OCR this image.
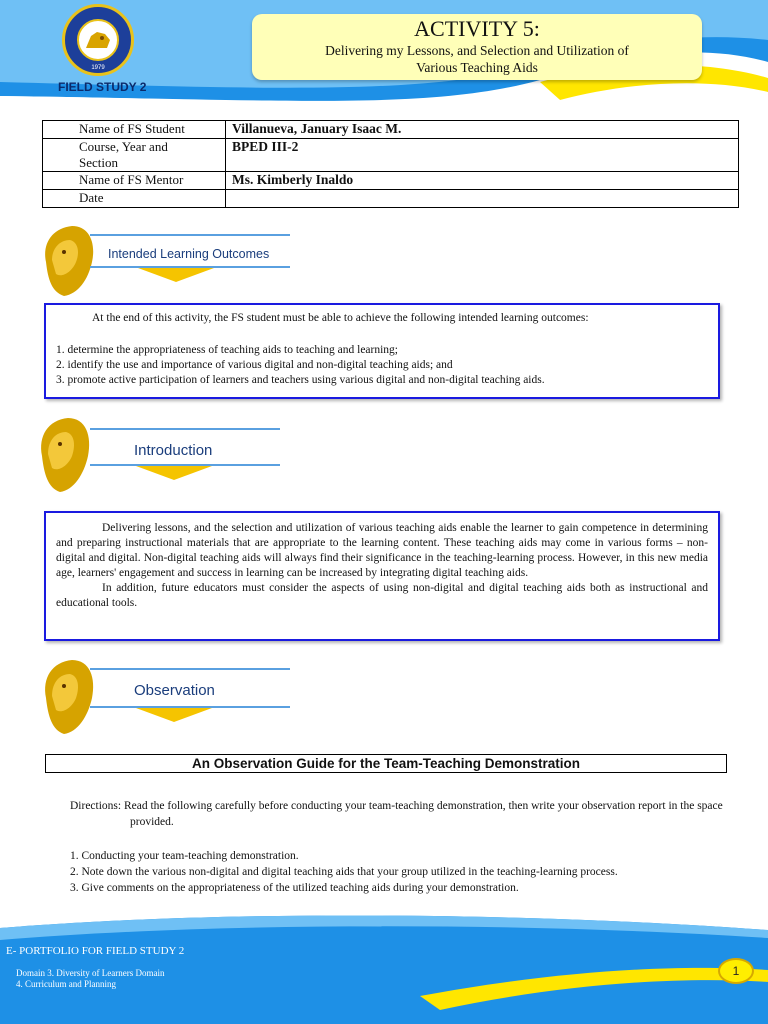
1979
FIELD STUDY 2
ACTIVITY 5:
Delivering my Lessons, and Selection and Utilization of
Various Teaching Aids
Name of FS Student	Villanueva, January Isaac M.

Course, Year and
Section	BPED III-2
Name of FS Mentor	Ms. Kimberly Inaldo
Date	
Intended Learning Outcomes
At the end of this activity, the FS student must be able to achieve the following intended learning outcomes:
1. determine the appropriateness of teaching aids to teaching and learning;
2. identify the use and importance of various digital and non-digital teaching aids; and
3. promote active participation of learners and teachers using various digital and non-digital teaching aids.
Introduction
Delivering lessons, and the selection and utilization of various teaching aids enable the learner to gain competence in determining and preparing instructional materials that are appropriate to the learning content. These teaching aids may come in various forms – non-digital and digital. Non-digital teaching aids will always find their significance in the teaching-learning process. However, in this new media age, learners' engagement and success in learning can be increased by integrating digital teaching aids.
In addition, future educators must consider the aspects of using non-digital and digital teaching aids both as instructional and educational tools.
Observation
An Observation Guide for the Team-Teaching Demonstration
Directions: Read the following carefully before conducting your team-teaching demonstration, then write your observation report in the space
provided.
1. Conducting your team-teaching demonstration.
2. Note down the various non-digital and digital teaching aids that your group utilized in the teaching-learning process.
3. Give comments on the appropriateness of the utilized teaching aids during your demonstration.
E- PORTFOLIO FOR FIELD STUDY 2
Domain 3. Diversity of Learners Domain
4. Curriculum and Planning
1
